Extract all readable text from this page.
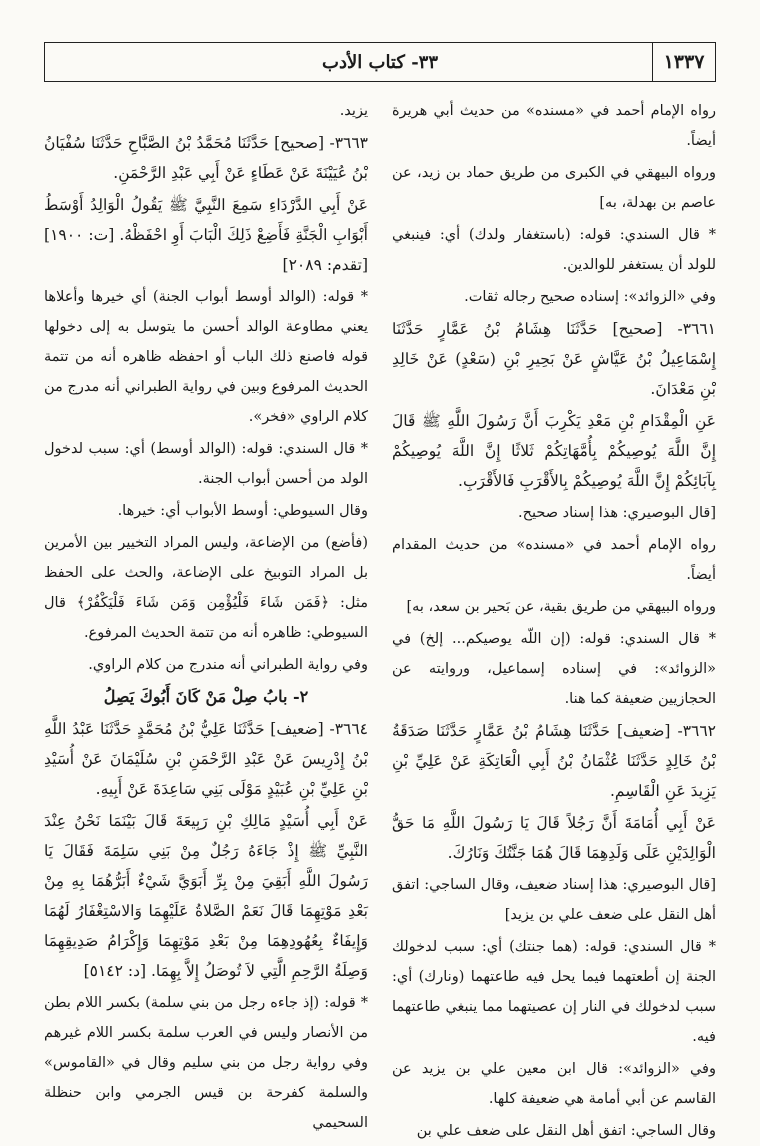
١٣٣٧
٣٣- كتاب الأدب

رواه الإمام أحمد في «مسنده» من حديث أبي هريرة أيضاً.

ورواه البيهقي في الكبرى من طريق حماد بن زيد، عن عاصم بن بهدلة، به]

* قال السندي: قوله: (باستغفار ولدك) أي: فينبغي للولد أن يستغفر للوالدين.

وفي «الزوائد»: إسناده صحيح رجاله ثقات.

٣٦٦١- [صحيح] حَدَّثَنَا هِشَامُ بْنُ عَمَّارٍ حَدَّثَنَا إِسْمَاعِيلُ بْنُ عَيَّاشٍ عَنْ بَحِيرِ بْنِ (سَعْدٍ) عَنْ خَالِدِ بْنِ مَعْدَانَ.

عَنِ الْمِقْدَامِ بْنِ مَعْدِ يَكْرِبَ أَنَّ رَسُولَ اللَّهِ ﷺ قَالَ إِنَّ اللَّهَ يُوصِيكُمْ بِأُمَّهَاتِكُمْ ثَلاثًا إِنَّ اللَّهَ يُوصِيكُمْ بِآبَائِكُمْ إِنَّ اللَّهَ يُوصِيكُمْ بِالأَقْرَبِ فَالأَقْرَبِ.

[قال البوصيري: هذا إسناد صحيح.

رواه الإمام أحمد في «مسنده» من حديث المقدام أيضاً.

ورواه البيهقي من طريق بقية، عن بَحير بن سعد، به]

* قال السندي: قوله: (إن اللّه يوصيكم... إلخ) في «الزوائد»: في إسناده إسماعيل، وروايته عن الحجازيين ضعيفة كما هنا.

٣٦٦٢- [ضعيف] حَدَّثَنَا هِشَامُ بْنُ عَمَّارٍ حَدَّثَنَا صَدَقَةُ بْنُ خَالِدٍ حَدَّثَنَا عُثْمَانُ بْنُ أَبِي الْعَاتِكَةِ عَنْ عَلِيِّ بْنِ يَزِيدَ عَنِ الْقَاسِمِ.

عَنْ أَبِي أُمَامَةَ أَنَّ رَجُلاً قَالَ يَا رَسُولَ اللَّهِ مَا حَقُّ الْوَالِدَيْنِ عَلَى وَلَدِهِمَا قَالَ هُمَا جَنَّتُكَ وَنَارُكَ.

[قال البوصيري: هذا إسناد ضعيف، وقال الساجي: اتفق أهل النقل على ضعف علي بن يزيد]

* قال السندي: قوله: (هما جنتك) أي: سبب لدخولك الجنة إن أطعتهما فيما يحل فيه طاعتهما (ونارك) أي: سبب لدخولك في النار إن عصيتهما مما ينبغي طاعتهما فيه.

وفي «الزوائد»: قال ابن معين علي بن يزيد عن القاسم عن أبي أمامة هي ضعيفة كلها.

وقال الساجي: اتفق أهل النقل على ضعف علي بن

يزيد.

٣٦٦٣- [صحيح] حَدَّثَنَا مُحَمَّدُ بْنُ الصَّبَّاحِ حَدَّثَنَا سُفْيَانُ بْنُ عُيَيْنَةَ عَنْ عَطَاءٍ عَنْ أَبِي عَبْدِ الرَّحْمَنِ.

عَنْ أَبِي الدَّرْدَاءِ سَمِعَ النَّبِيَّ ﷺ يَقُولُ الْوَالِدُ أَوْسَطُ أَبْوَابِ الْجَنَّةِ فَأَضِعْ ذَلِكَ الْبَابَ أَوِ احْفَظْهُ. [ت: ١٩٠٠] [تقدم: ٢٠٨٩]

* قوله: (الوالد أوسط أبواب الجنة) أي خيرها وأعلاها يعني مطاوعة الوالد أحسن ما يتوسل به إلى دخولها قوله فاصنع ذلك الباب أو احفظه ظاهره أنه من تتمة الحديث المرفوع وبين في رواية الطبراني أنه مدرج من كلام الراوي «فخر».

* قال السندي: قوله: (الوالد أوسط) أي: سبب لدخول الولد من أحسن أبواب الجنة.

وقال السيوطي: أوسط الأبواب أي: خيرها.

(فأضع) من الإضاعة، وليس المراد التخيير بين الأمرين بل المراد التوبيخ على الإضاعة، والحث على الحفظ مثل: ﴿فَمَن شَاءَ فَلْيُؤْمِن وَمَن شَاءَ فَلْيَكْفُرْ﴾ قال السيوطي: ظاهره أنه من تتمة الحديث المرفوع.

وفي رواية الطبراني أنه مندرج من كلام الراوي.

٢- بابُ صِلْ مَنْ كَانَ أَبُوكَ يَصِلُ

٣٦٦٤- [ضعيف] حَدَّثَنَا عَلِيُّ بْنُ مُحَمَّدٍ حَدَّثَنَا عَبْدُ اللَّهِ بْنُ إِدْرِيسَ عَنْ عَبْدِ الرَّحْمَنِ بْنِ سُلَيْمَانَ عَنْ أُسَيْدِ بْنِ عَلِيِّ بْنِ عُبَيْدٍ مَوْلَى بَنِي سَاعِدَةَ عَنْ أَبِيهِ.

عَنْ أَبِي أُسَيْدٍ مَالِكِ بْنِ رَبِيعَةَ قَالَ بَيْنَمَا نَحْنُ عِنْدَ النَّبِيِّ ﷺ إِذْ جَاءَهُ رَجُلٌ مِنْ بَنِي سَلِمَةَ فَقَالَ يَا رَسُولَ اللَّهِ أَبَقِيَ مِنْ بِرِّ أَبَوَيَّ شَيْءٌ أَبَرُّهُمَا بِهِ مِنْ بَعْدِ مَوْتِهِمَا قَالَ نَعَمْ الصَّلاةُ عَلَيْهِمَا وَالاسْتِغْفَارُ لَهُمَا وَإِيفَاءٌ بِعُهُودِهِمَا مِنْ بَعْدِ مَوْتِهِمَا وَإِكْرَامُ صَدِيقِهِمَا وَصِلَةُ الرَّحِمِ الَّتِي لاَ تُوصَلُ إِلاَّ بِهِمَا. [د: ٥١٤٢]

* قوله: (إذ جاءه رجل من بني سلمة) بكسر اللام بطن من الأنصار وليس في العرب سلمة بكسر اللام غيرهم وفي رواية رجل من بني سليم وقال في «القاموس» والسلمة كفرحة بن قيس الجرمي وابن حنظلة السحيمي
